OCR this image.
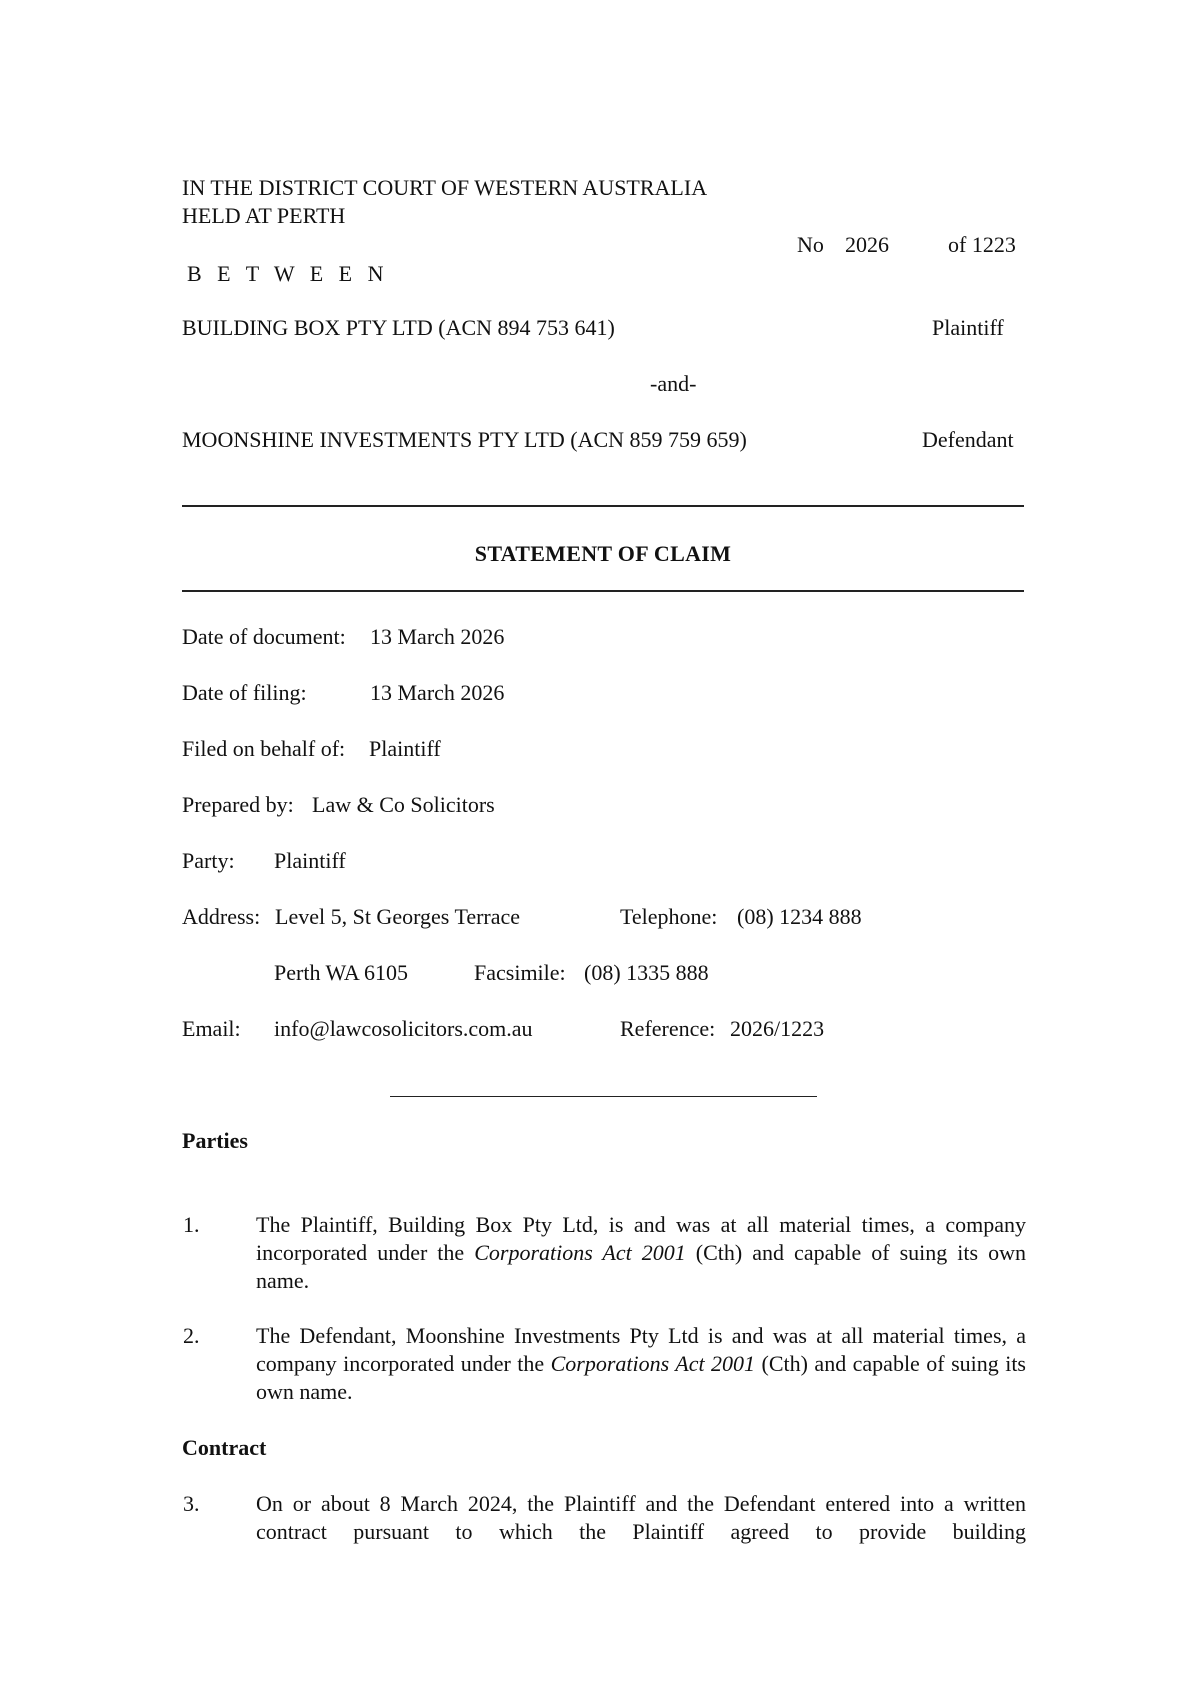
IN THE DISTRICT COURT OF WESTERN AUSTRALIA
HELD AT PERTH
No 2026	of 1223
B E T W E E N
BUILDING BOX PTY LTD (ACN 894 753 641)	Plaintiff
-and-
MOONSHINE INVESTMENTS PTY LTD (ACN 859 759 659)	Defendant
STATEMENT OF CLAIM
Date of document: 13 March 2026
Date of filing:	13 March 2026
Filed on behalf of: Plaintiff
Prepared by: Law & Co Solicitors
Party: Plaintiff
Address: Level 5, St Georges Terrace	Telephone: (08) 1234 888
Perth WA 6105	Facsimile: (08) 1335 888
Email: info@lawcosolicitors.com.au	Reference: 2026/1223
Parties
1.	The Plaintiff, Building Box Pty Ltd, is and was at all material times, a company incorporated under the Corporations Act 2001 (Cth) and capable of suing its own name.
2.	The Defendant, Moonshine Investments Pty Ltd is and was at all material times, a company incorporated under the Corporations Act 2001 (Cth) and capable of suing its own name.
Contract
3.	On or about 8 March 2024, the Plaintiff and the Defendant entered into a written contract pursuant to which the Plaintiff agreed to provide building
